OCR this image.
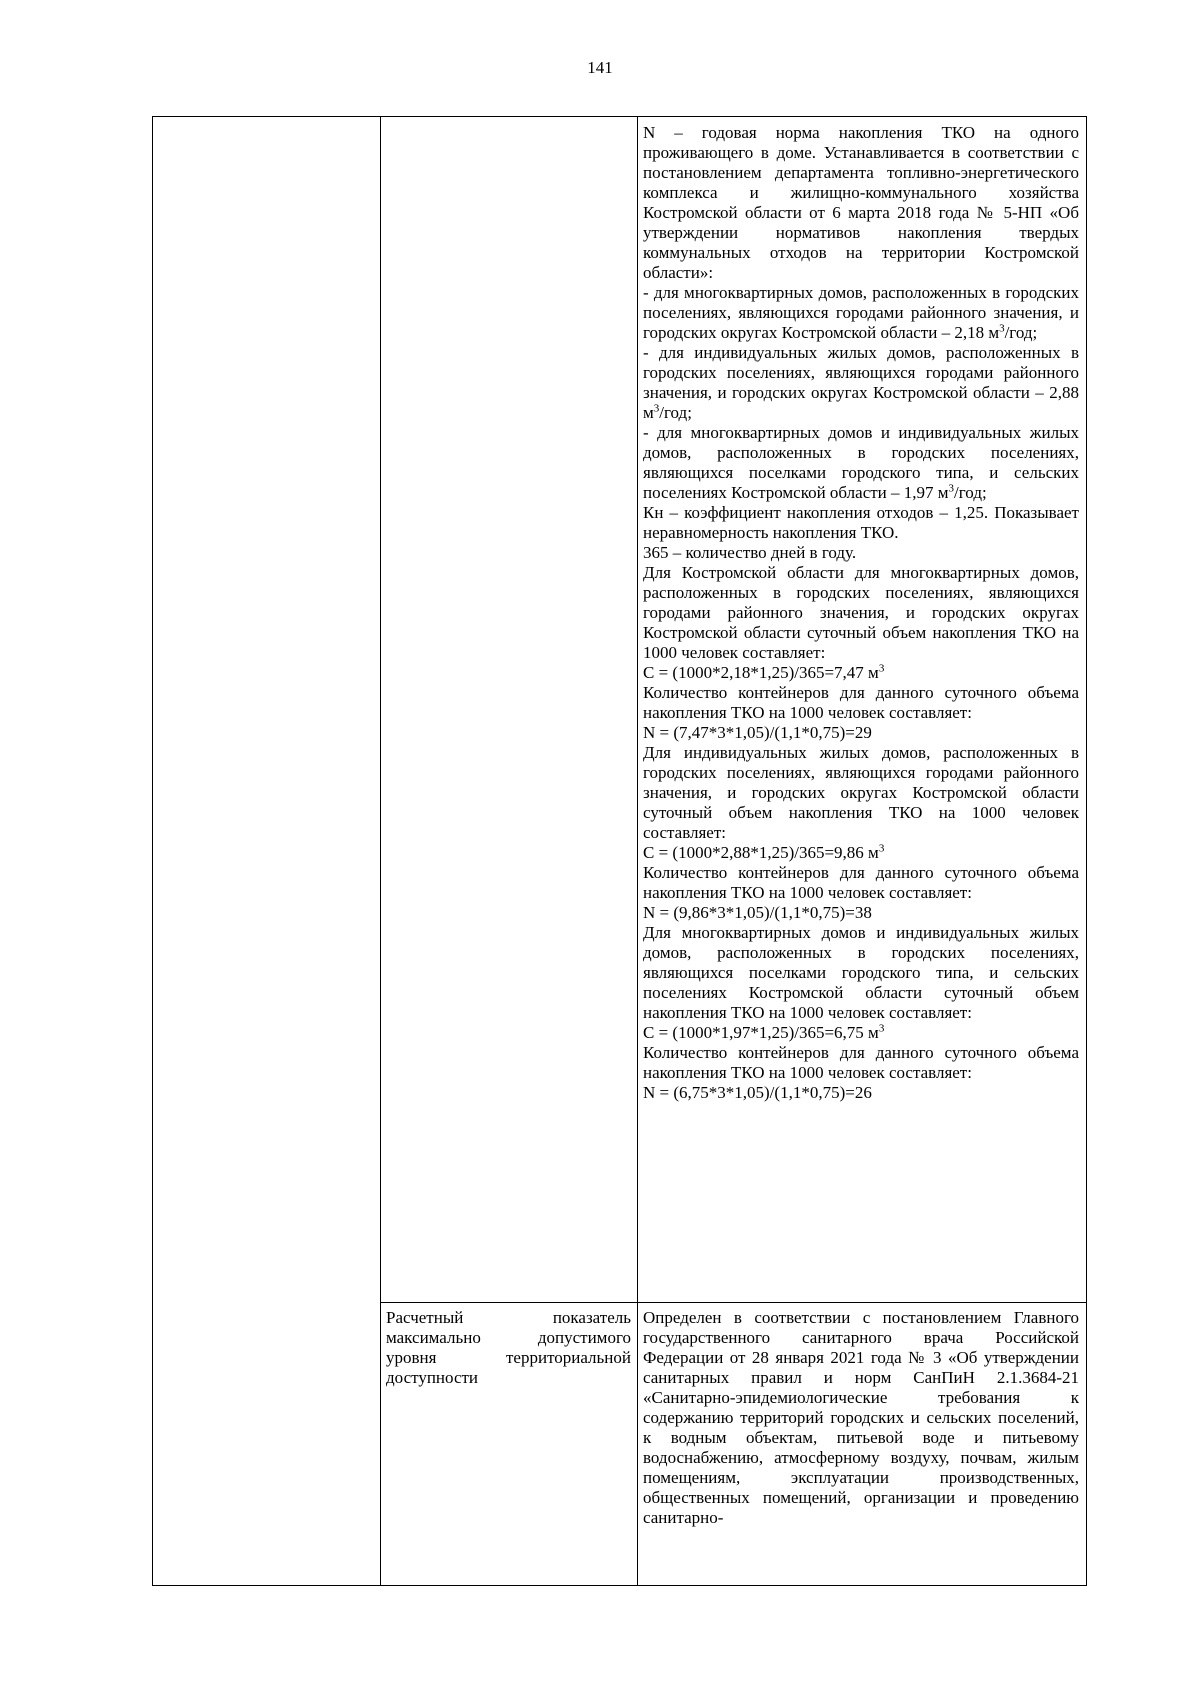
141

N – годовая норма накопления ТКО на одного проживающего в доме. Устанавливается в соответствии с постановлением департамента топливно-энергетического комплекса и жилищно-коммунального хозяйства Костромской области от 6 марта 2018 года № 5-НП «Об утверждении нормативов накопления твердых коммунальных отходов на территории Костромской области»:

- для многоквартирных домов, расположенных в городских поселениях, являющихся городами районного значения, и городских округах Костромской области – 2,18 $м^3$/год;

- для индивидуальных жилых домов, расположенных в городских поселениях, являющихся городами районного значения, и городских округах Костромской области – 2,88 $м^3$/год;

- для многоквартирных домов и индивидуальных жилых домов, расположенных в городских поселениях, являющихся поселками городского типа, и сельских поселениях Костромской области – 1,97 $м^3$/год;

Кн – коэффициент накопления отходов – 1,25. Показывает неравномерность накопления ТКО.

365 – количество дней в году.

Для Костромской области для многоквартирных домов, расположенных в городских поселениях, являющихся городами районного значения, и городских округах Костромской области суточный объем накопления ТКО на 1000 человек составляет:

С = (1000*2,18*1,25)/365=7,47 $м^3$

Количество контейнеров для данного суточного объема накопления ТКО на 1000 человек составляет:

N = (7,47*3*1,05)/(1,1*0,75)=29

Для индивидуальных жилых домов, расположенных в городских поселениях, являющихся городами районного значения, и городских округах Костромской области суточный объем накопления ТКО на 1000 человек составляет:

С = (1000*2,88*1,25)/365=9,86 $м^3$

Количество контейнеров для данного суточного объема накопления ТКО на 1000 человек составляет:

N = (9,86*3*1,05)/(1,1*0,75)=38

Для многоквартирных домов и индивидуальных жилых домов, расположенных в городских поселениях, являющихся поселками городского типа, и сельских поселениях Костромской области суточный объем накопления ТКО на 1000 человек составляет:

С = (1000*1,97*1,25)/365=6,75 $м^3$

Количество контейнеров для данного суточного объема накопления ТКО на 1000 человек составляет:

N = (6,75*3*1,05)/(1,1*0,75)=26

Расчетный показатель максимально допустимого уровня территориальной доступности
Определен в соответствии с постановлением Главного государственного санитарного врача Российской Федерации от 28 января 2021 года № 3 «Об утверждении санитарных правил и норм СанПиН 2.1.3684-21 «Санитарно-эпидемиологические требования к содержанию территорий городских и сельских поселений, к водным объектам, питьевой воде и питьевому водоснабжению, атмосферному воздуху, почвам, жилым помещениям, эксплуатации производственных, общественных помещений, организации и проведению санитарно-
